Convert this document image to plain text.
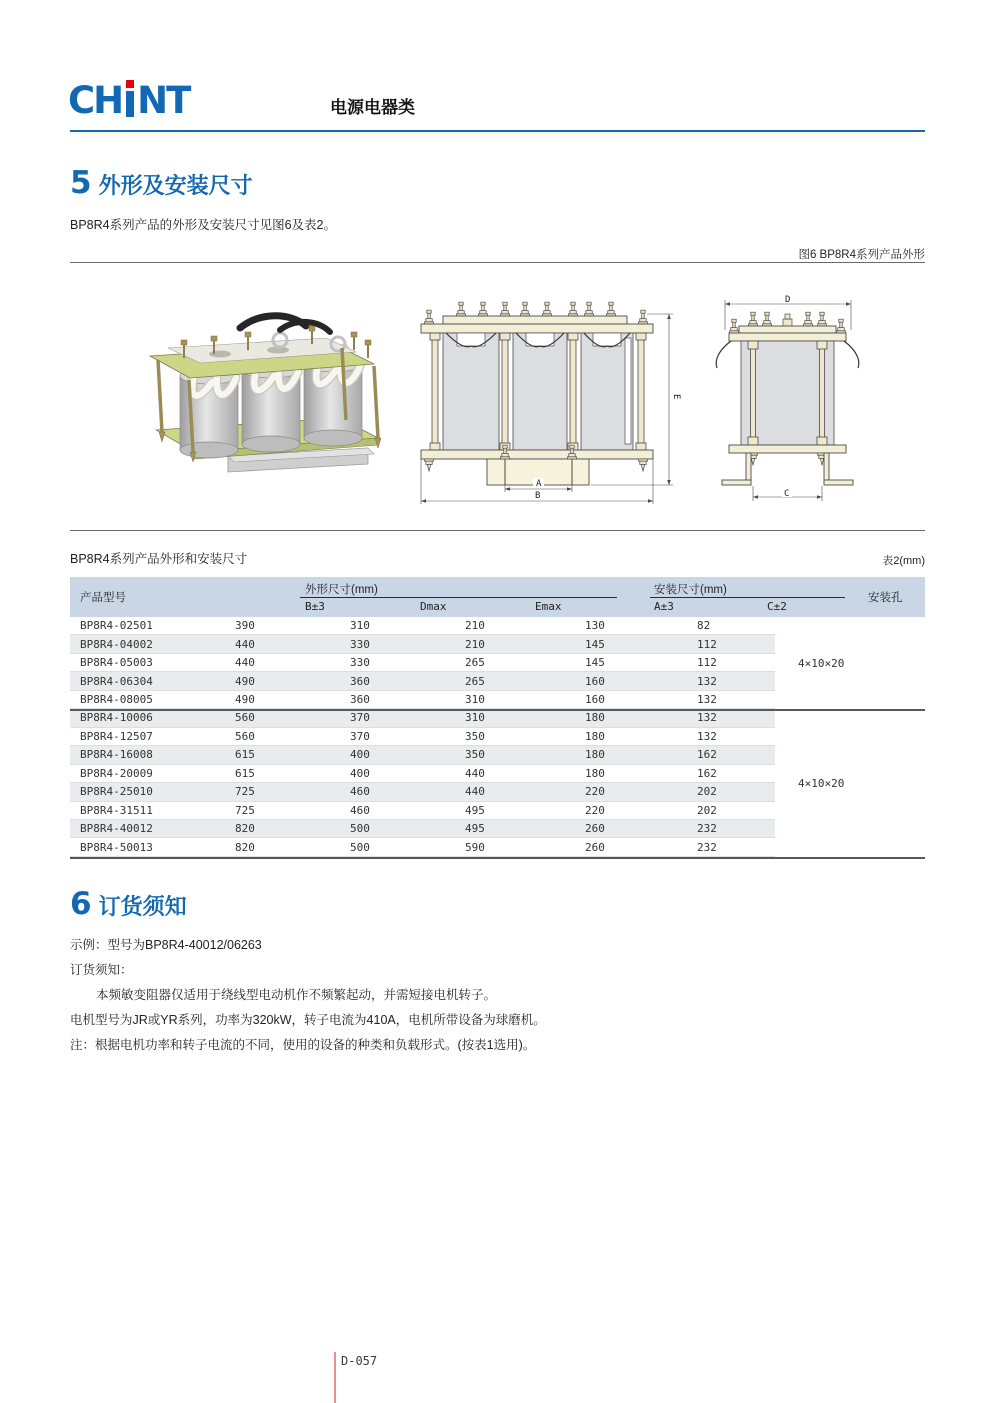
CH NT	电源电器类
5 外形及安装尺寸
BP8R4系列产品的外形及安装尺寸见图6及表2。
图6 BP8R4系列产品外形
A
B
E
D
C
BP8R4系列产品外形和安装尺寸	表2(mm)
产品型号
外形尺寸(mm)	安装尺寸(mm)
B±3	Dmax	Emax	A±3	C±2
安装孔
BP8R4-02501	390	310	210	130	82
BP8R4-04002	440	330	210	145	112
BP8R4-05003	440	330	265	145	112
BP8R4-06304	490	360	265	160	132
BP8R4-08005	490	360	310	160	132
BP8R4-10006	560	370	310	180	132
BP8R4-12507	560	370	350	180	132
BP8R4-16008	615	400	350	180	162
BP8R4-20009	615	400	440	180	162
BP8R4-25010	725	460	440	220	202
BP8R4-31511	725	460	495	220	202
BP8R4-40012	820	500	495	260	232
BP8R4-50013	820	500	590	260	232
4×10×20
4×10×20
6 订货须知
示例：型号为BP8R4-40012/06263
订货须知：
本频敏变阻器仅适用于绕线型电动机作不频繁起动，并需短接电机转子。
电机型号为JR或YR系列，功率为320kW，转子电流为410A，电机所带设备为球磨机。
注：根据电机功率和转子电流的不同，使用的设备的种类和负载形式。(按表1选用)。
D-057
